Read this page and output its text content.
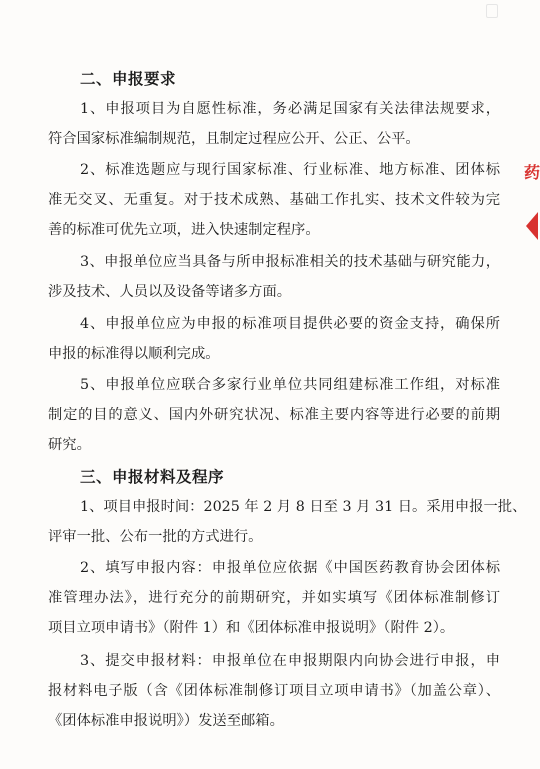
二、申报要求
1、申报项目为自愿性标准，务必满足国家有关法律法规要求，
符合国家标准编制规范，且制定过程应公开、公正、公平。
2、标准选题应与现行国家标准、行业标准、地方标准、团体标
准无交叉、无重复。对于技术成熟、基础工作扎实、技术文件较为完
善的标准可优先立项，进入快速制定程序。
3、申报单位应当具备与所申报标准相关的技术基础与研究能力，
涉及技术、人员以及设备等诸多方面。
4、申报单位应为申报的标准项目提供必要的资金支持，确保所
申报的标准得以顺利完成。
5、申报单位应联合多家行业单位共同组建标准工作组，对标准
制定的目的意义、国内外研究状况、标准主要内容等进行必要的前期
研究。
三、申报材料及程序
1、项目申报时间：2025 年 2 月 8 日至 3 月 31 日。采用申报一批、
评审一批、公布一批的方式进行。
2、填写申报内容：申报单位应依据《中国医药教育协会团体标
准管理办法》，进行充分的前期研究，并如实填写《团体标准制修订
项目立项申请书》（附件 1）和《团体标准申报说明》（附件 2）。
3、提交申报材料：申报单位在申报期限内向协会进行申报，申
报材料电子版（含《团体标准制修订项目立项申请书》（加盖公章）、
《团体标准申报说明》）发送至邮箱。
药
